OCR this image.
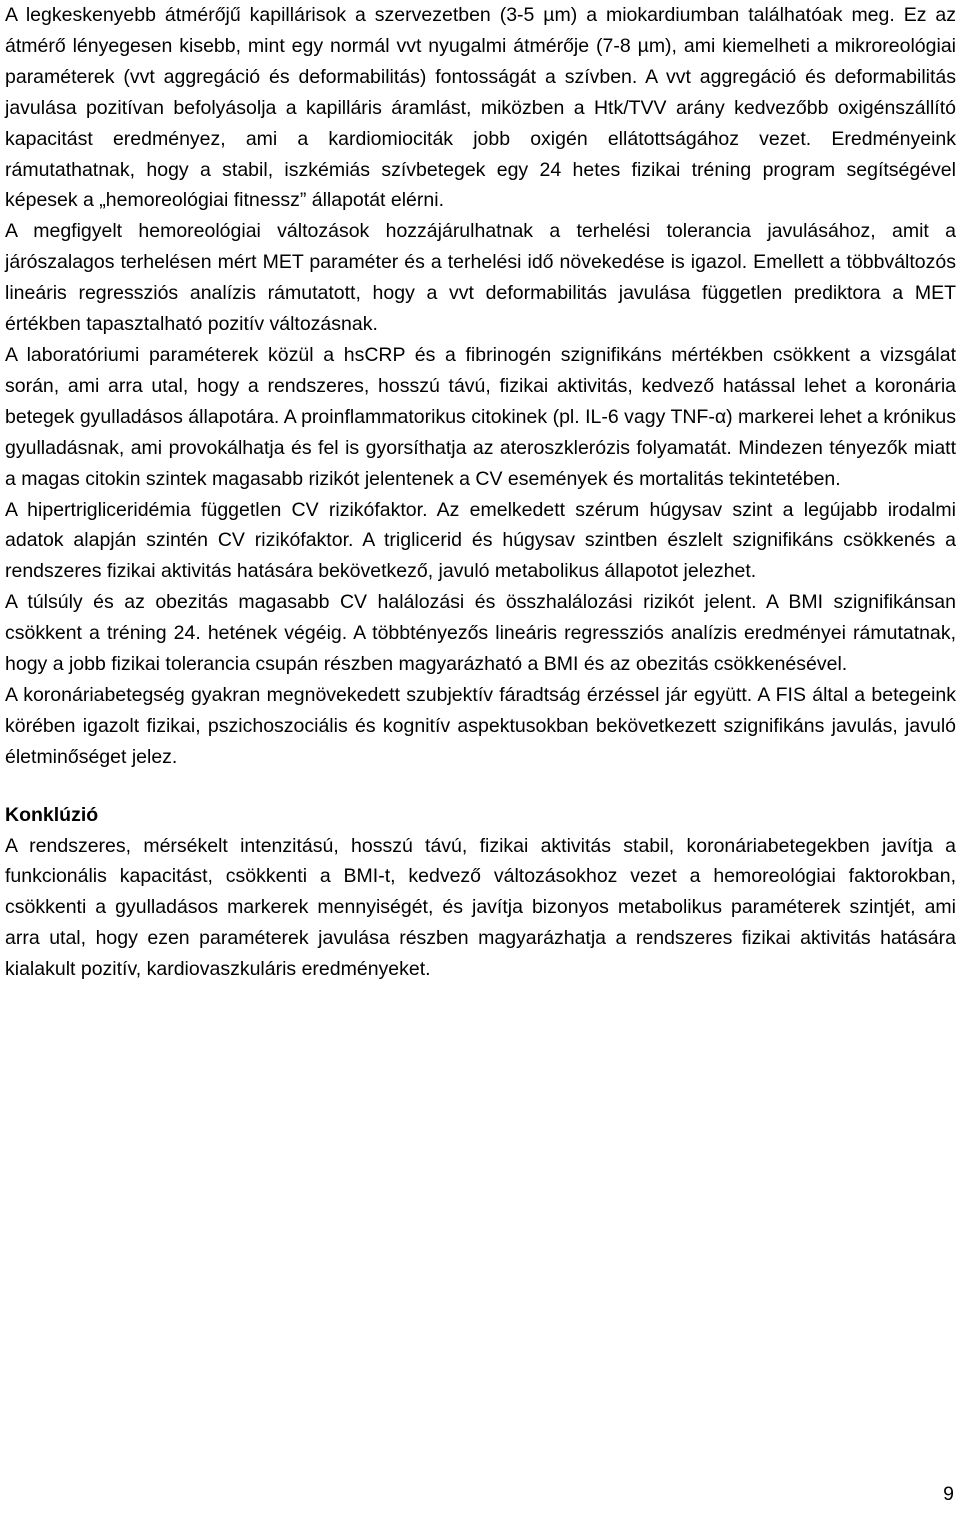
A legkeskenyebb átmérőjű kapillárisok a szervezetben (3-5 µm) a miokardiumban találhatóak meg. Ez az átmérő lényegesen kisebb, mint egy normál vvt nyugalmi átmérője (7-8 µm), ami kiemelheti a mikroreológiai paraméterek (vvt aggregáció és deformabilitás) fontosságát a szívben. A vvt aggregáció és deformabilitás javulása pozitívan befolyásolja a kapilláris áramlást, miközben a Htk/TVV arány kedvezőbb oxigénszállító kapacitást eredményez, ami a kardiomiociták jobb oxigén ellátottságához vezet. Eredményeink rámutathatnak, hogy a stabil, iszkémiás szívbetegek egy 24 hetes fizikai tréning program segítségével képesek a „hemoreológiai fitnessz” állapotát elérni.

A megfigyelt hemoreológiai változások hozzájárulhatnak a terhelési tolerancia javulásához, amit a járószalagos terhelésen mért MET paraméter és a terhelési idő növekedése is igazol. Emellett a többváltozós lineáris regressziós analízis rámutatott, hogy a vvt deformabilitás javulása független prediktora a MET értékben tapasztalható pozitív változásnak.

A laboratóriumi paraméterek közül a hsCRP és a fibrinogén szignifikáns mértékben csökkent a vizsgálat során, ami arra utal, hogy a rendszeres, hosszú távú, fizikai aktivitás, kedvező hatással lehet a koronária betegek gyulladásos állapotára. A proinflammatorikus citokinek (pl. IL-6 vagy TNF-α) markerei lehet a krónikus gyulladásnak, ami provokálhatja és fel is gyorsíthatja az ateroszklerózis folyamatát. Mindezen tényezők miatt a magas citokin szintek magasabb rizikót jelentenek a CV események és mortalitás tekintetében.

A hipertrigliceridémia független CV rizikófaktor. Az emelkedett szérum húgysav szint a legújabb irodalmi adatok alapján szintén CV rizikófaktor. A triglicerid és húgysav szintben észlelt szignifikáns csökkenés a rendszeres fizikai aktivitás hatására bekövetkező, javuló metabolikus állapotot jelezhet.

A túlsúly és az obezitás magasabb CV halálozási és összhalálozási rizikót jelent. A BMI szignifikánsan csökkent a tréning 24. hetének végéig. A többtényezős lineáris regressziós analízis eredményei rámutatnak, hogy a jobb fizikai tolerancia csupán részben magyarázható a BMI és az obezitás csökkenésével.

A koronáriabetegség gyakran megnövekedett szubjektív fáradtság érzéssel jár együtt. A FIS által a betegeink körében igazolt fizikai, pszichoszociális és kognitív aspektusokban bekövetkezett szignifikáns javulás, javuló életminőséget jelez.

Konklúzió

A rendszeres, mérsékelt intenzitású, hosszú távú, fizikai aktivitás stabil, koronáriabetegekben javítja a funkcionális kapacitást, csökkenti a BMI-t, kedvező változásokhoz vezet a hemoreológiai faktorokban, csökkenti a gyulladásos markerek mennyiségét, és javítja bizonyos metabolikus paraméterek szintjét, ami arra utal, hogy ezen paraméterek javulása részben magyarázhatja a rendszeres fizikai aktivitás hatására kialakult pozitív, kardiovaszkuláris eredményeket.

9
